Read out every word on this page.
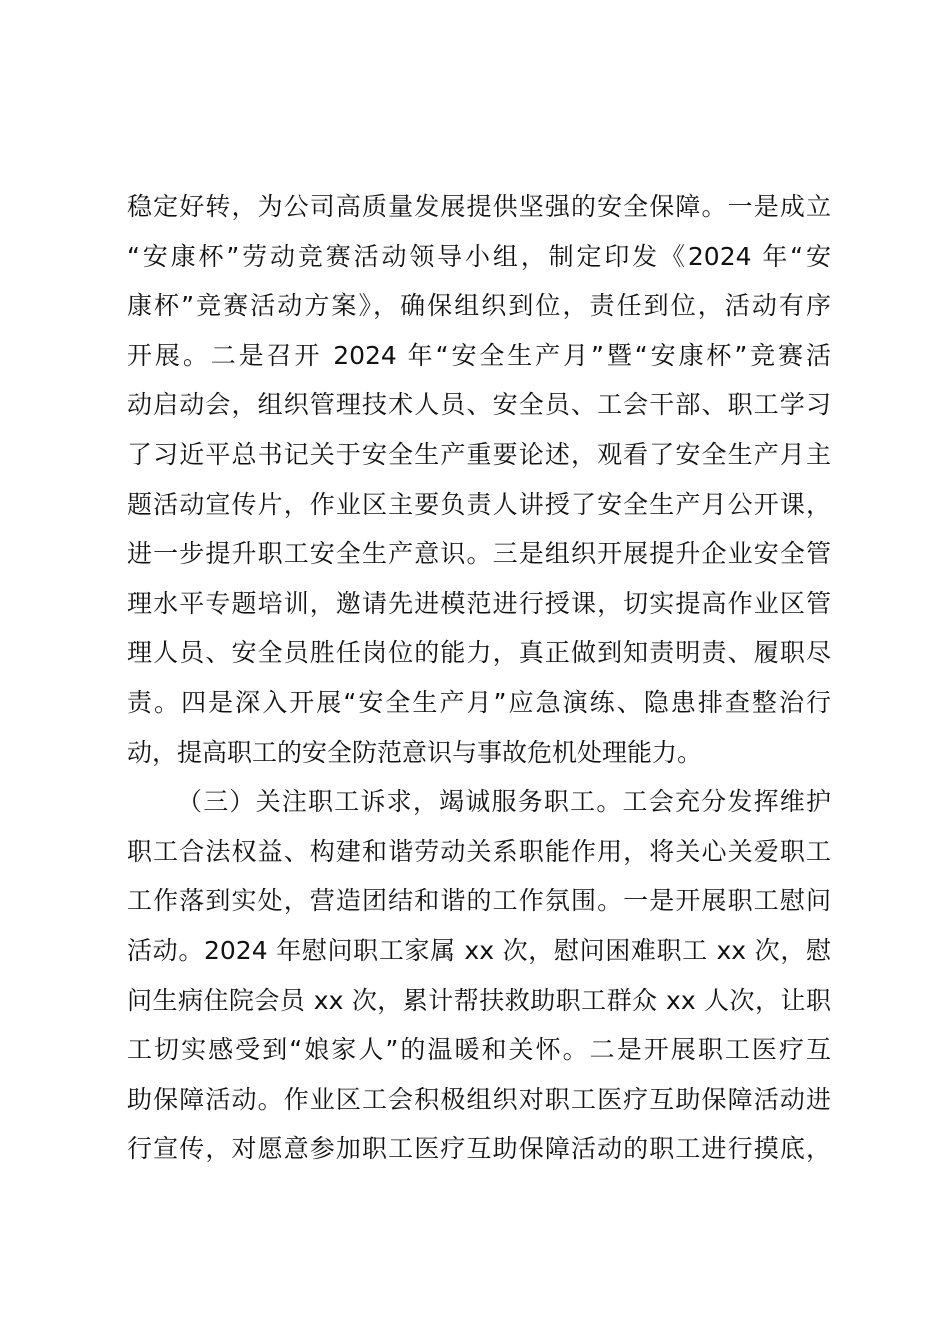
稳定好转，为公司高质量发展提供坚强的安全保障。一是成立
“安康杯”劳动竞赛活动领导小组，制定印发《2024 年“安
康杯”竞赛活动方案》，确保组织到位，责任到位，活动有序
开展。二是召开 2024 年“安全生产月”暨“安康杯”竞赛活
动启动会，组织管理技术人员、安全员、工会干部、职工学习
了习近平总书记关于安全生产重要论述，观看了安全生产月主
题活动宣传片，作业区主要负责人讲授了安全生产月公开课，
进一步提升职工安全生产意识。三是组织开展提升企业安全管
理水平专题培训，邀请先进模范进行授课，切实提高作业区管
理人员、安全员胜任岗位的能力，真正做到知责明责、履职尽
责。四是深入开展“安全生产月”应急演练、隐患排查整治行
动，提高职工的安全防范意识与事故危机处理能力。
（三）关注职工诉求，竭诚服务职工。工会充分发挥维护
职工合法权益、构建和谐劳动关系职能作用，将关心关爱职工
工作落到实处，营造团结和谐的工作氛围。一是开展职工慰问
活动。2024 年慰问职工家属 xx 次，慰问困难职工 xx 次，慰
问生病住院会员 xx 次，累计帮扶救助职工群众 xx 人次，让职
工切实感受到“娘家人”的温暖和关怀。二是开展职工医疗互
助保障活动。作业区工会积极组织对职工医疗互助保障活动进
行宣传，对愿意参加职工医疗互助保障活动的职工进行摸底，
